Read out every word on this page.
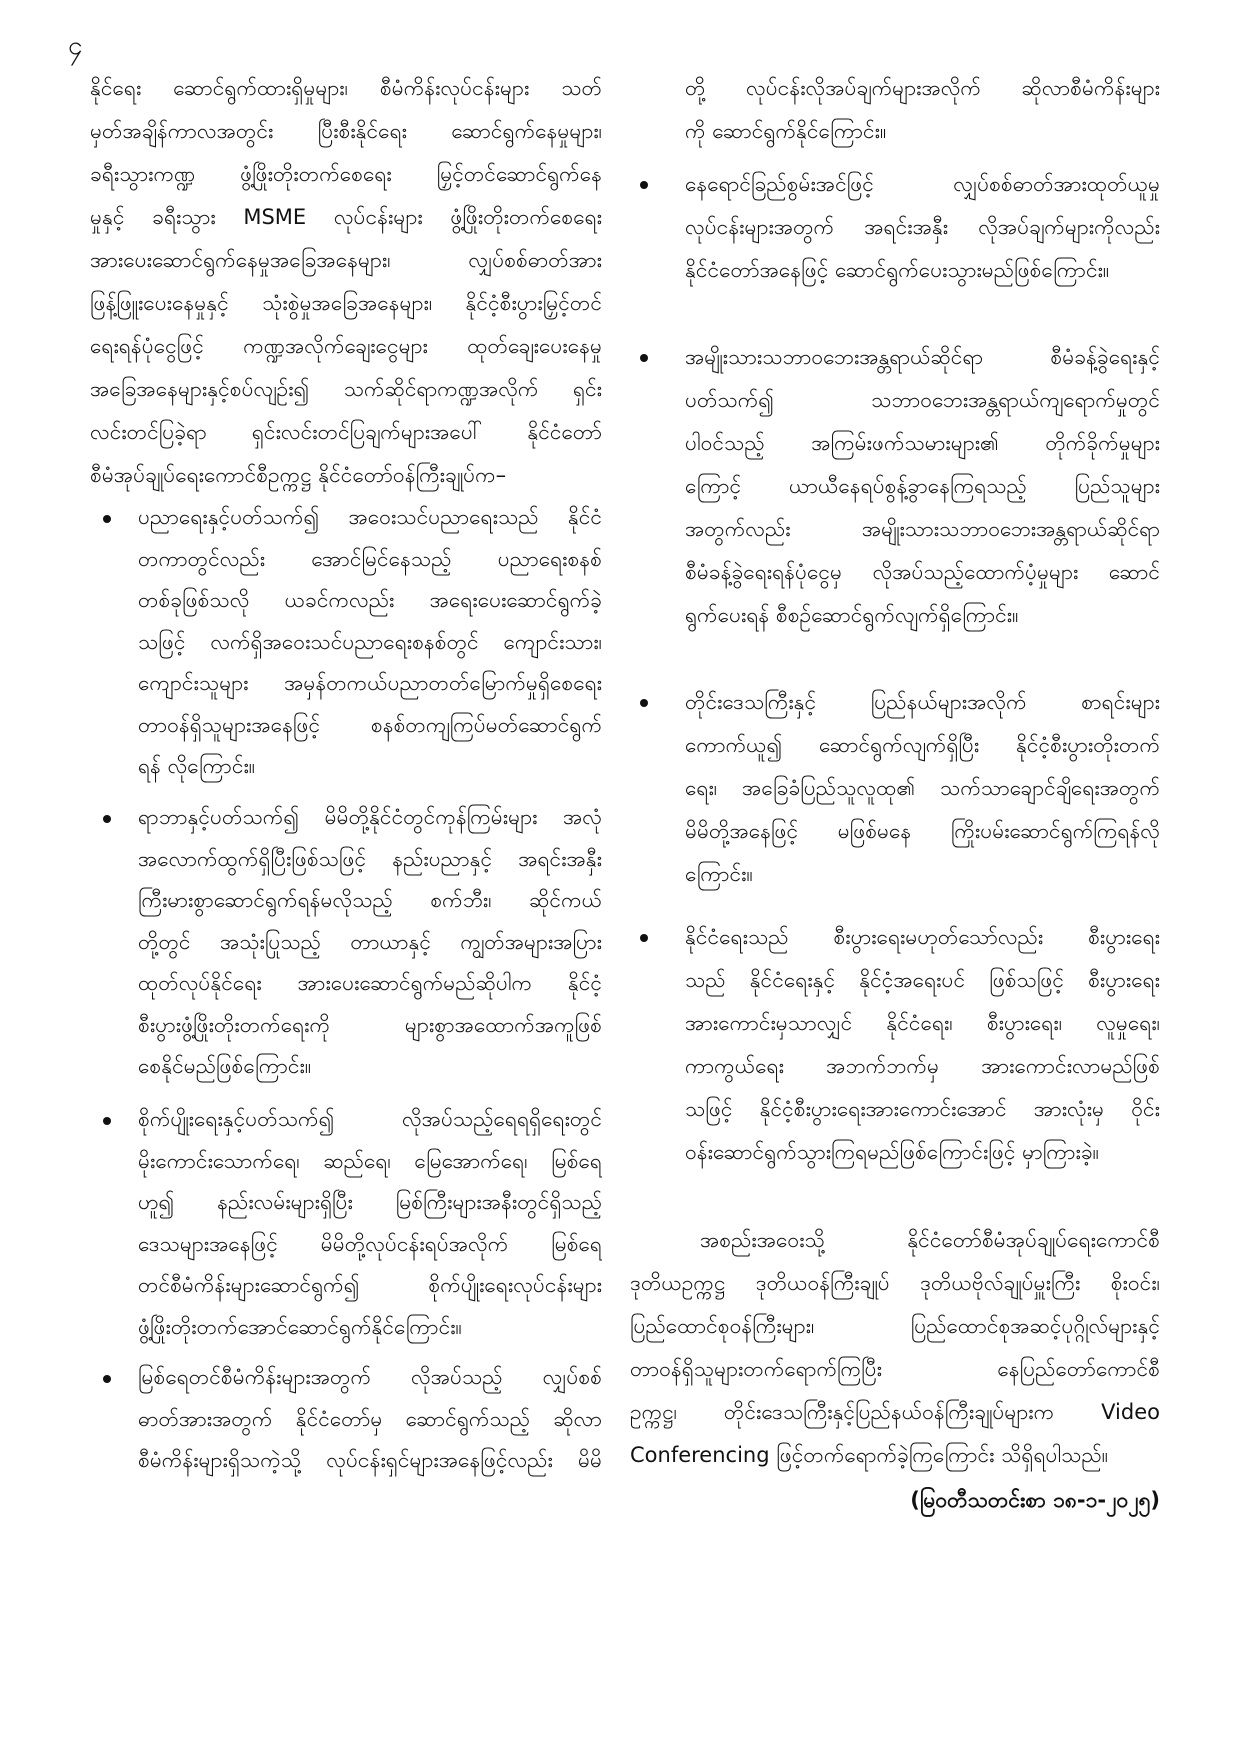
၄
နိုင်ရေး ဆောင်ရွက်ထားရှိမှုများ၊ စီမံကိန်းလုပ်ငန်းများ သတ်
မှတ်အချိန်ကာလအတွင်း ပြီးစီးနိုင်ရေး ဆောင်ရွက်နေမှုများ၊
ခရီးသွားကဏ္ဍ ဖွံ့ဖြိုးတိုးတက်စေရေး မြှင့်တင်ဆောင်ရွက်နေ
မှုနှင့် ခရီးသွား MSME လုပ်ငန်းများ ဖွံ့ဖြိုးတိုးတက်စေရေး
အားပေးဆောင်ရွက်နေမှုအခြေအနေများ၊ လျှပ်စစ်ဓာတ်အား
ဖြန့်ဖြူးပေးနေမှုနှင့် သုံးစွဲမှုအခြေအနေများ၊ နိုင်ငံ့စီးပွားမြှင့်တင်
ရေးရန်ပုံငွေဖြင့် ကဏ္ဍအလိုက်ချေးငွေများ ထုတ်ချေးပေးနေမှု
အခြေအနေများနှင့်စပ်လျဉ်း၍ သက်ဆိုင်ရာကဏ္ဍအလိုက် ရှင်း
လင်းတင်ပြခဲ့ရာ ရှင်းလင်းတင်ပြချက်များအပေါ် နိုင်ငံတော်
စီမံအုပ်ချုပ်ရေးကောင်စီဥက္ကဋ္ဌ နိုင်ငံတော်ဝန်ကြီးချုပ်က–
ပညာရေးနှင့်ပတ်သက်၍ အဝေးသင်ပညာရေးသည် နိုင်ငံ
တကာတွင်လည်း အောင်မြင်နေသည့် ပညာရေးစနစ်
တစ်ခုဖြစ်သလို ယခင်ကလည်း အရေးပေးဆောင်ရွက်ခဲ့
သဖြင့် လက်ရှိအဝေးသင်ပညာရေးစနစ်တွင် ကျောင်းသား၊
ကျောင်းသူများ အမှန်တကယ်ပညာတတ်မြောက်မှုရှိစေရေး
တာဝန်ရှိသူများအနေဖြင့် စနစ်တကျကြပ်မတ်ဆောင်ရွက်
ရန် လိုကြောင်း။
ရာဘာနှင့်ပတ်သက်၍ မိမိတို့နိုင်ငံတွင်ကုန်ကြမ်းများ အလုံ
အလောက်ထွက်ရှိပြီးဖြစ်သဖြင့် နည်းပညာနှင့် အရင်းအနှီး
ကြီးမားစွာဆောင်ရွက်ရန်မလိုသည့် စက်ဘီး၊ ဆိုင်ကယ်
တို့တွင် အသုံးပြုသည့် တာယာနှင့် ကျွတ်အများအပြား
ထုတ်လုပ်နိုင်ရေး အားပေးဆောင်ရွက်မည်ဆိုပါက နိုင်ငံ့
စီးပွားဖွံ့ဖြိုးတိုးတက်ရေးကို များစွာအထောက်အကူဖြစ်
စေနိုင်မည်ဖြစ်ကြောင်း။
စိုက်ပျိုးရေးနှင့်ပတ်သက်၍ လိုအပ်သည့်ရေရရှိရေးတွင်
မိုးကောင်းသောက်ရေ၊ ဆည်ရေ၊ မြေအောက်ရေ၊ မြစ်ရေ
ဟူ၍ နည်းလမ်းများရှိပြီး မြစ်ကြီးများအနီးတွင်ရှိသည့်
ဒေသများအနေဖြင့် မိမိတို့လုပ်ငန်းရပ်အလိုက် မြစ်ရေ
တင်စီမံကိန်းများဆောင်ရွက်၍ စိုက်ပျိုးရေးလုပ်ငန်းများ
ဖွံ့ဖြိုးတိုးတက်အောင်ဆောင်ရွက်နိုင်ကြောင်း။
မြစ်ရေတင်စီမံကိန်းများအတွက် လိုအပ်သည့် လျှပ်စစ်
ဓာတ်အားအတွက် နိုင်ငံတော်မှ ဆောင်ရွက်သည့် ဆိုလာ
စီမံကိန်းများရှိသကဲ့သို့ လုပ်ငန်းရှင်များအနေဖြင့်လည်း မိမိ
တို့ လုပ်ငန်းလိုအပ်ချက်များအလိုက် ဆိုလာစီမံကိန်းများ
ကို ဆောင်ရွက်နိုင်ကြောင်း။
နေရောင်ခြည်စွမ်းအင်ဖြင့် လျှပ်စစ်ဓာတ်အားထုတ်ယူမှု
လုပ်ငန်းများအတွက် အရင်းအနှီး လိုအပ်ချက်များကိုလည်း
နိုင်ငံတော်အနေဖြင့် ဆောင်ရွက်ပေးသွားမည်ဖြစ်ကြောင်း။
အမျိုးသားသဘာဝဘေးအန္တရာယ်ဆိုင်ရာ စီမံခန့်ခွဲရေးနှင့်
ပတ်သက်၍ သဘာဝဘေးအန္တရာယ်ကျရောက်မှုတွင်
ပါဝင်သည့် အကြမ်းဖက်သမားများ၏ တိုက်ခိုက်မှုများ
ကြောင့် ယာယီနေရပ်စွန့်ခွာနေကြရသည့် ပြည်သူများ
အတွက်လည်း အမျိုးသားသဘာဝဘေးအန္တရာယ်ဆိုင်ရာ
စီမံခန့်ခွဲရေးရန်ပုံငွေမှ လိုအပ်သည့်ထောက်ပံ့မှုများ ဆောင်
ရွက်ပေးရန် စီစဉ်ဆောင်ရွက်လျက်ရှိကြောင်း။
တိုင်းဒေသကြီးနှင့် ပြည်နယ်များအလိုက် စာရင်းများ
ကောက်ယူ၍ ဆောင်ရွက်လျက်ရှိပြီး နိုင်ငံ့စီးပွားတိုးတက်
ရေး၊ အခြေခံပြည်သူလူထု၏ သက်သာချောင်ချိရေးအတွက်
မိမိတို့အနေဖြင့် မဖြစ်မနေ ကြိုးပမ်းဆောင်ရွက်ကြရန်လို
ကြောင်း။
နိုင်ငံရေးသည် စီးပွားရေးမဟုတ်သော်လည်း စီးပွားရေး
သည် နိုင်ငံရေးနှင့် နိုင်ငံ့အရေးပင် ဖြစ်သဖြင့် စီးပွားရေး
အားကောင်းမှသာလျှင် နိုင်ငံရေး၊ စီးပွားရေး၊ လူမှုရေး၊
ကာကွယ်ရေး အဘက်ဘက်မှ အားကောင်းလာမည်ဖြစ်
သဖြင့် နိုင်ငံ့စီးပွားရေးအားကောင်းအောင် အားလုံးမှ ဝိုင်း
ဝန်းဆောင်ရွက်သွားကြရမည်ဖြစ်ကြောင်းဖြင့် မှာကြားခဲ့။
အစည်းအဝေးသို့ နိုင်ငံတော်စီမံအုပ်ချုပ်ရေးကောင်စီ
ဒုတိယဥက္ကဋ္ဌ ဒုတိယဝန်ကြီးချုပ် ဒုတိယဗိုလ်ချုပ်မှူးကြီး စိုးဝင်း၊
ပြည်ထောင်စုဝန်ကြီးများ၊ ပြည်ထောင်စုအဆင့်ပုဂ္ဂိုလ်များနှင့်
တာဝန်ရှိသူများတက်ရောက်ကြပြီး နေပြည်တော်ကောင်စီ
ဥက္ကဋ္ဌ၊ တိုင်းဒေသကြီးနှင့်ပြည်နယ်ဝန်ကြီးချုပ်များက Video
Conferencing ဖြင့်တက်ရောက်ခဲ့ကြကြောင်း သိရှိရပါသည်။
(မြဝတီသတင်းစာ ၁၈-၁-၂၀၂၅)
